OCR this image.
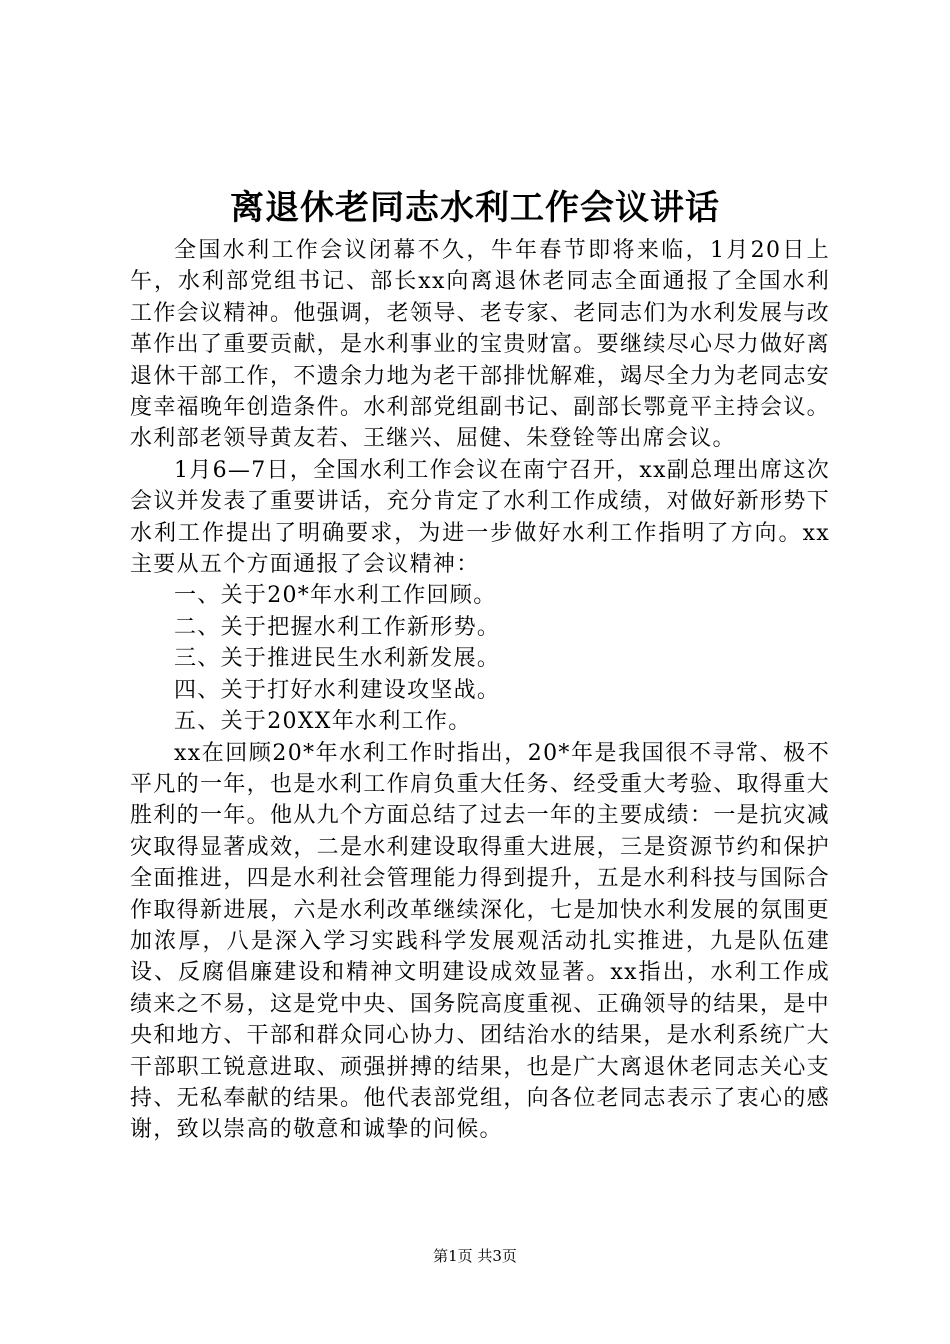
离退休老同志水利工作会议讲话

全国水利工作会议闭幕不久，牛年春节即将来临，1月20日上午，水利部党组书记、部长xx向离退休老同志全面通报了全国水利工作会议精神。他强调，老领导、老专家、老同志们为水利发展与改革作出了重要贡献，是水利事业的宝贵财富。要继续尽心尽力做好离退休干部工作，不遗余力地为老干部排忧解难，竭尽全力为老同志安度幸福晚年创造条件。水利部党组副书记、副部长鄂竟平主持会议。水利部老领导黄友若、王继兴、屈健、朱登铨等出席会议。

1月6—7日，全国水利工作会议在南宁召开，xx副总理出席这次会议并发表了重要讲话，充分肯定了水利工作成绩，对做好新形势下水利工作提出了明确要求，为进一步做好水利工作指明了方向。xx主要从五个方面通报了会议精神：

一、关于20*年水利工作回顾。

二、关于把握水利工作新形势。

三、关于推进民生水利新发展。

四、关于打好水利建设攻坚战。

五、关于20XX年水利工作。

xx在回顾20*年水利工作时指出，20*年是我国很不寻常、极不平凡的一年，也是水利工作肩负重大任务、经受重大考验、取得重大胜利的一年。他从九个方面总结了过去一年的主要成绩：一是抗灾减灾取得显著成效，二是水利建设取得重大进展，三是资源节约和保护全面推进，四是水利社会管理能力得到提升，五是水利科技与国际合作取得新进展，六是水利改革继续深化，七是加快水利发展的氛围更加浓厚，八是深入学习实践科学发展观活动扎实推进，九是队伍建设、反腐倡廉建设和精神文明建设成效显著。xx指出，水利工作成绩来之不易，这是党中央、国务院高度重视、正确领导的结果，是中央和地方、干部和群众同心协力、团结治水的结果，是水利系统广大干部职工锐意进取、顽强拼搏的结果，也是广大离退休老同志关心支持、无私奉献的结果。他代表部党组，向各位老同志表示了衷心的感谢，致以崇高的敬意和诚挚的问候。

第1页 共3页
